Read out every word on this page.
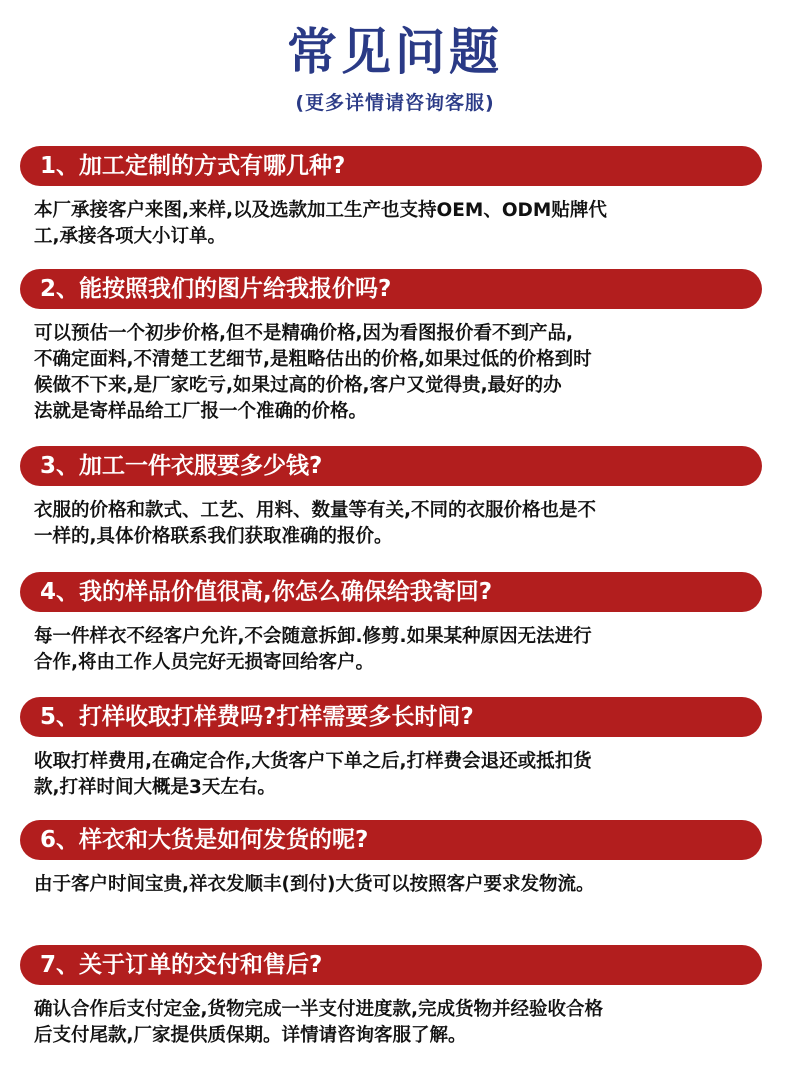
常见问题
(更多详情请咨询客服)
1、加工定制的方式有哪几种?
本厂承接客户来图,来样,以及选款加工生产也支持OEM、ODM贴牌代
工,承接各项大小订单。
2、能按照我们的图片给我报价吗?
可以预估一个初步价格,但不是精确价格,因为看图报价看不到产品,
不确定面料,不清楚工艺细节,是粗略估出的价格,如果过低的价格到时
候做不下来,是厂家吃亏,如果过高的价格,客户又觉得贵,最好的办
法就是寄样品给工厂报一个准确的价格。
3、加工一件衣服要多少钱?
衣服的价格和款式、工艺、用料、数量等有关,不同的衣服价格也是不
一样的,具体价格联系我们获取准确的报价。
4、我的样品价值很高,你怎么确保给我寄回?
每一件样衣不经客户允许,不会随意拆卸.修剪.如果某种原因无法进行
合作,将由工作人员完好无损寄回给客户。
5、打样收取打样费吗?打样需要多长时间?
收取打样费用,在确定合作,大货客户下单之后,打样费会退还或抵扣货
款,打祥时间大概是3天左右。
6、样衣和大货是如何发货的呢?
由于客户时间宝贵,祥衣发顺丰(到付)大货可以按照客户要求发物流。
7、关于订单的交付和售后?
确认合作后支付定金,货物完成一半支付进度款,完成货物并经验收合格
后支付尾款,厂家提供质保期。详情请咨询客服了解。
